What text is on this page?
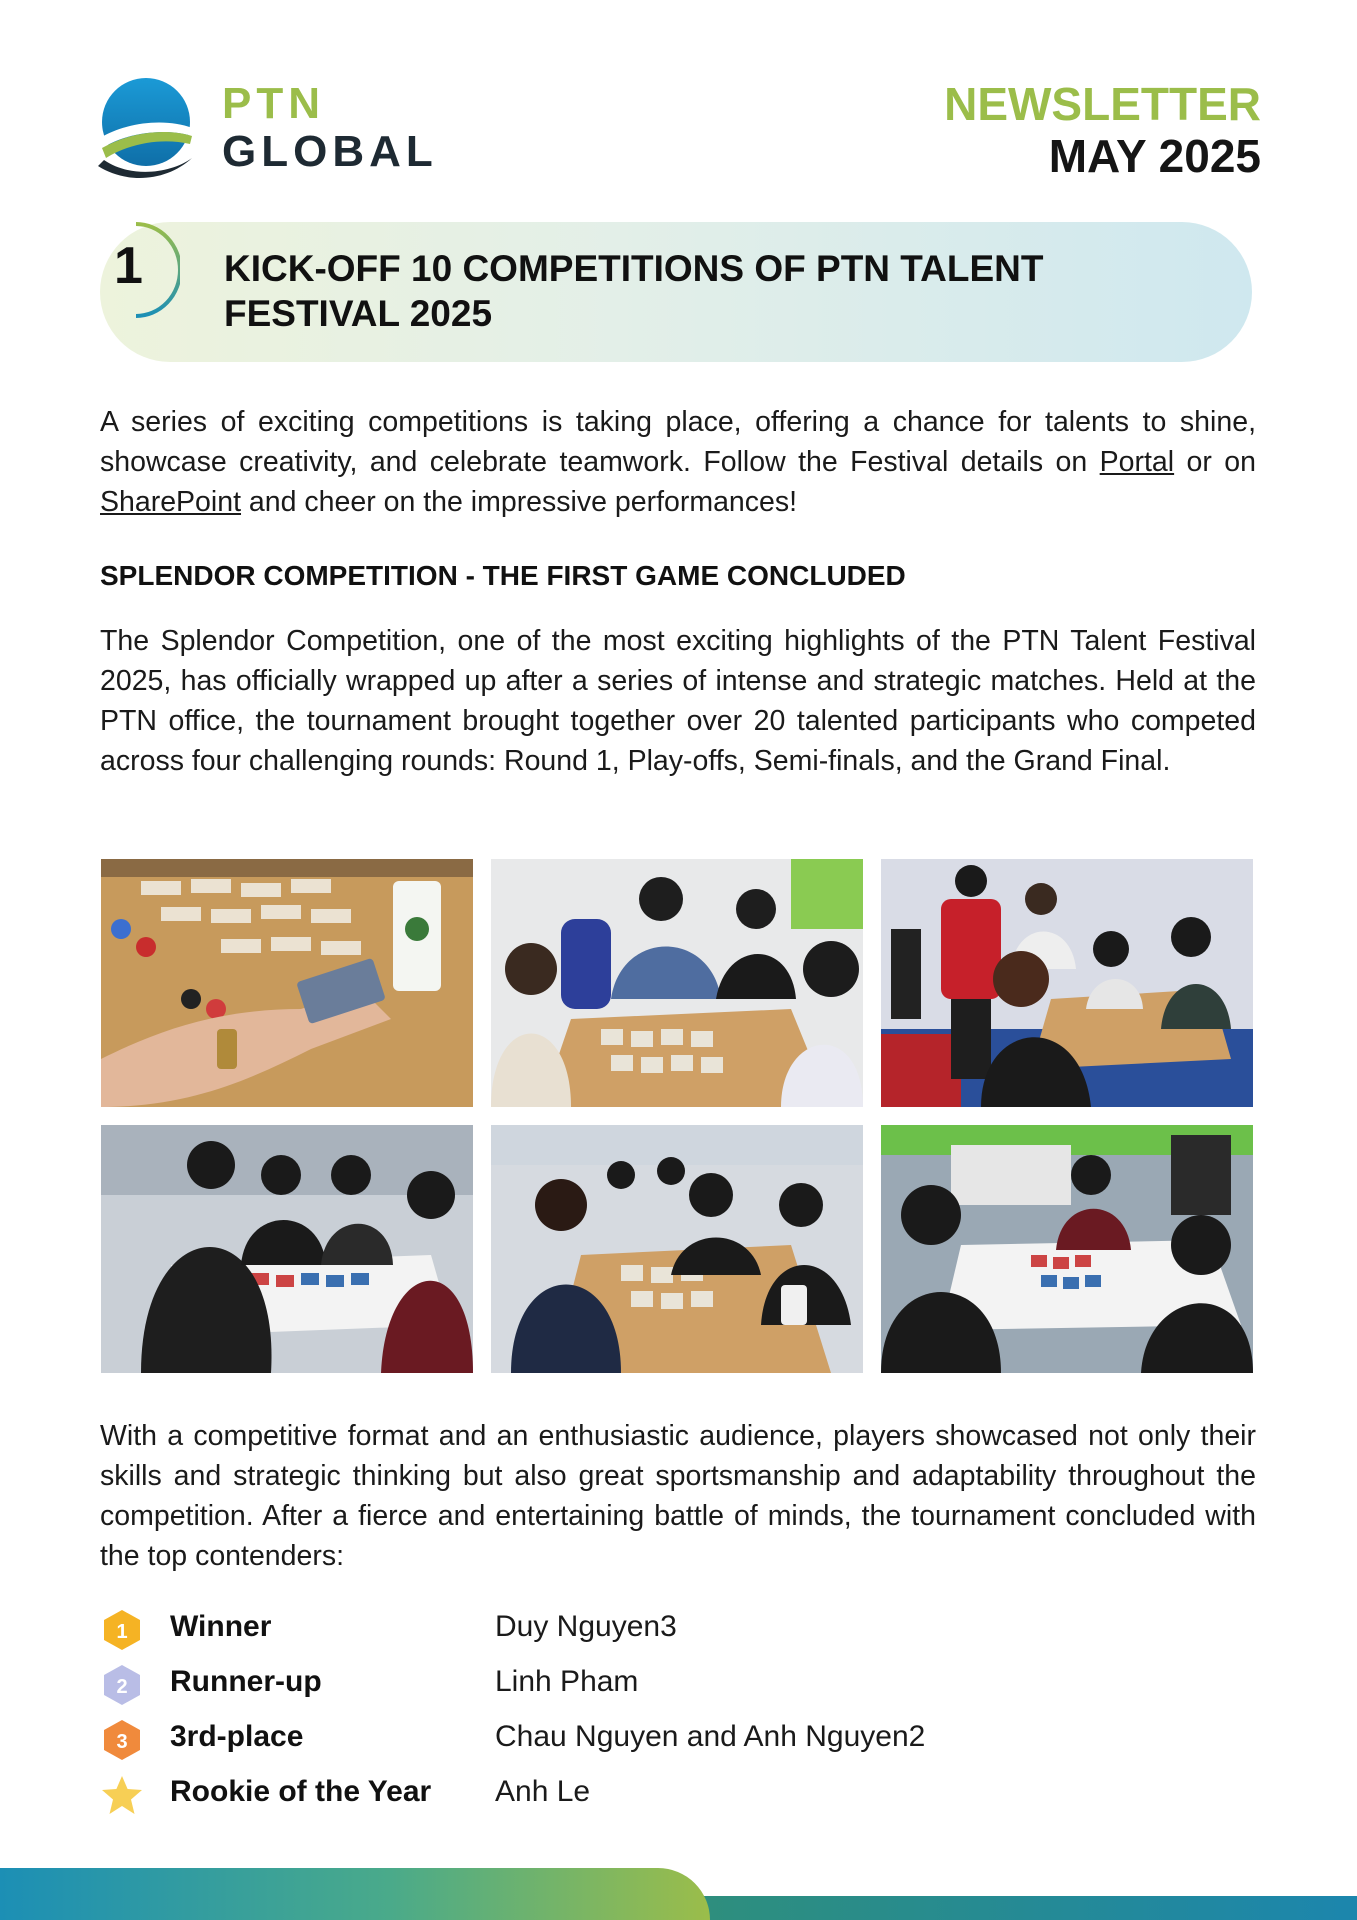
PTN
GLOBAL
NEWSLETTER
MAY 2025
1 KICK-OFF 10 COMPETITIONS OF PTN TALENT FESTIVAL 2025
A series of exciting competitions is taking place, offering a chance for talents to shine, showcase creativity, and celebrate teamwork. Follow the Festival details on Portal or on SharePoint and cheer on the impressive performances!
SPLENDOR COMPETITION - THE FIRST GAME CONCLUDED
The Splendor Competition, one of the most exciting highlights of the PTN Talent Festival 2025, has officially wrapped up after a series of intense and strategic matches. Held at the PTN office, the tournament brought together over 20 talented participants who competed across four challenging rounds: Round 1, Play-offs, Semi-finals, and the Grand Final.
With a competitive format and an enthusiastic audience, players showcased not only their skills and strategic thinking but also great sportsmanship and adaptability throughout the competition. After a fierce and entertaining battle of minds, the tournament concluded with the top contenders:
1 Winner	Duy Nguyen3
2 Runner-up	Linh Pham
3 3rd-place	Chau Nguyen and Anh Nguyen2
Rookie of the Year Anh Le
